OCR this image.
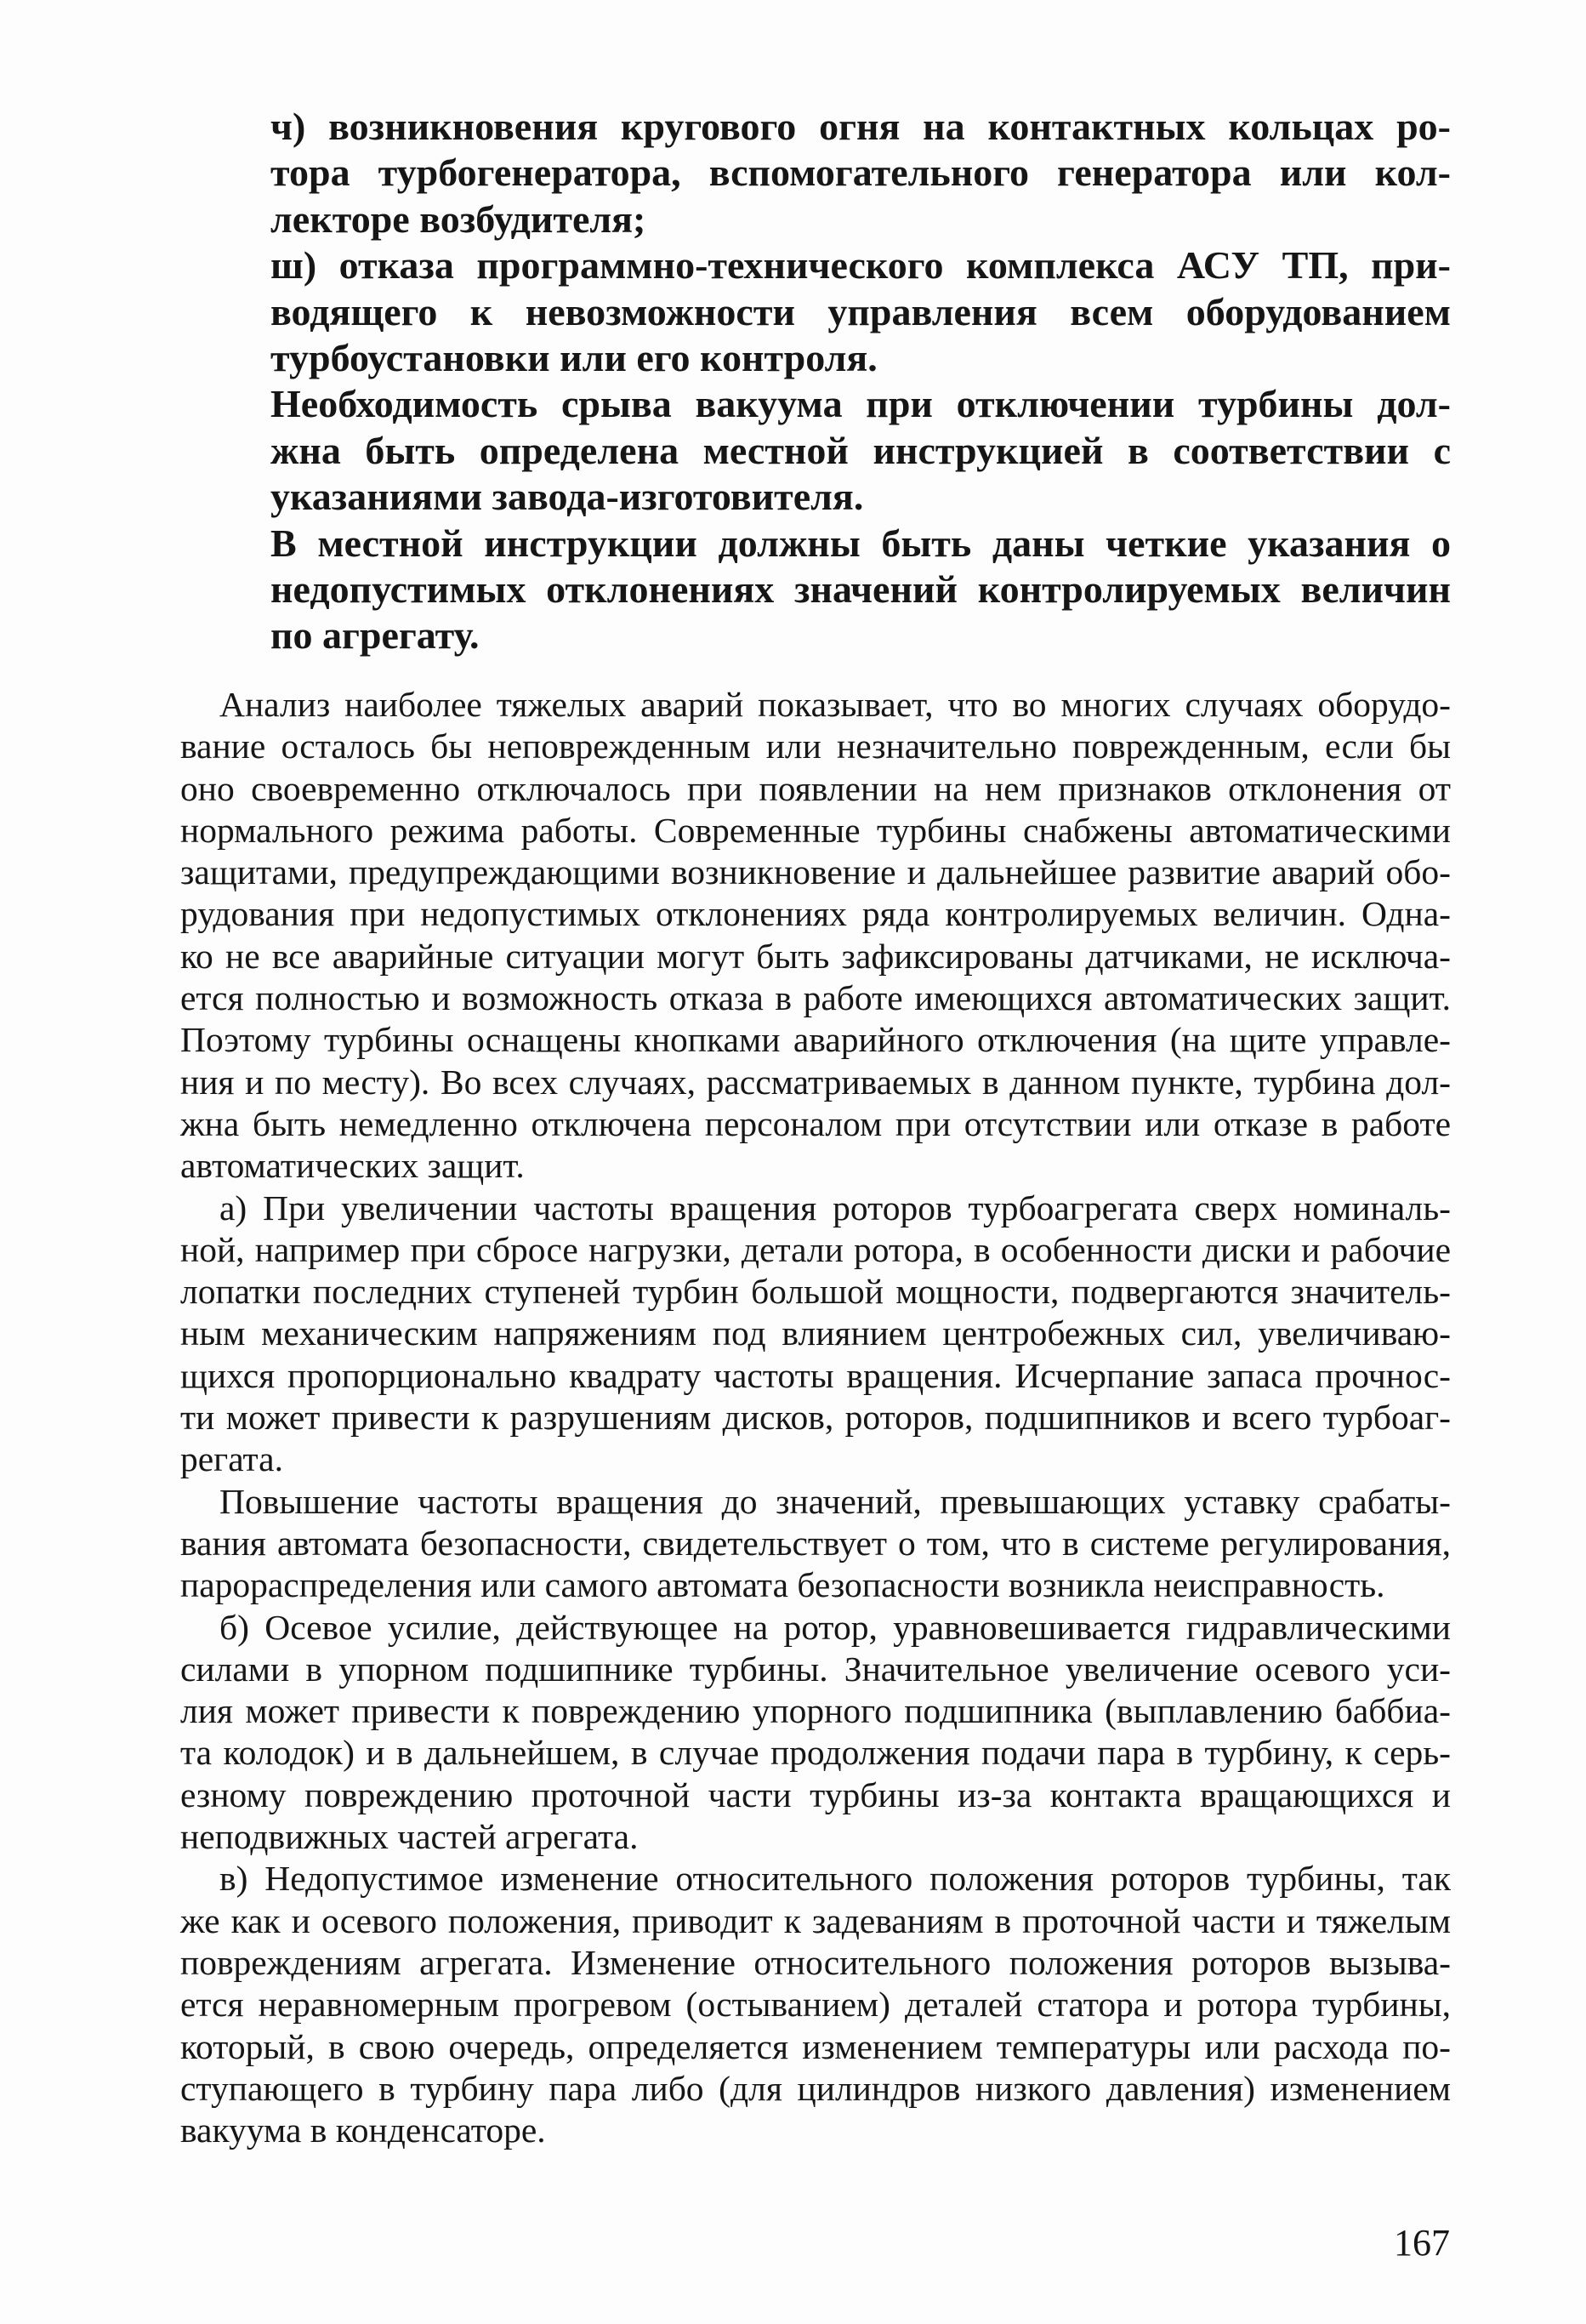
ч) возникновения кругового огня на контактных кольцах ро-
тора турбогенератора, вспомогательного генератора или кол-
лекторе возбудителя;
ш) отказа программно-технического комплекса АСУ ТП, при-
водящего к невозможности управления всем оборудованием
турбоустановки или его контроля.
Необходимость срыва вакуума при отключении турбины дол-
жна быть определена местной инструкцией в соответствии с
указаниями завода-изготовителя.
В местной инструкции должны быть даны четкие указания о
недопустимых отклонениях значений контролируемых величин
по агрегату.
Анализ наиболее тяжелых аварий показывает, что во многих случаях оборудо-
вание осталось бы неповрежденным или незначительно поврежденным, если бы
оно своевременно отключалось при появлении на нем признаков отклонения от
нормального режима работы. Современные турбины снабжены автоматическими
защитами, предупреждающими возникновение и дальнейшее развитие аварий обо-
рудования при недопустимых отклонениях ряда контролируемых величин. Одна-
ко не все аварийные ситуации могут быть зафиксированы датчиками, не исключа-
ется полностью и возможность отказа в работе имеющихся автоматических защит.
Поэтому турбины оснащены кнопками аварийного отключения (на щите управле-
ния и по месту). Во всех случаях, рассматриваемых в данном пункте, турбина дол-
жна быть немедленно отключена персоналом при отсутствии или отказе в работе
автоматических защит.
а) При увеличении частоты вращения роторов турбоагрегата сверх номиналь-
ной, например при сбросе нагрузки, детали ротора, в особенности диски и рабочие
лопатки последних ступеней турбин большой мощности, подвергаются значитель-
ным механическим напряжениям под влиянием центробежных сил, увеличиваю-
щихся пропорционально квадрату частоты вращения. Исчерпание запаса прочнос-
ти может привести к разрушениям дисков, роторов, подшипников и всего турбоаг-
регата.
Повышение частоты вращения до значений, превышающих уставку срабаты-
вания автомата безопасности, свидетельствует о том, что в системе регулирования,
парораспределения или самого автомата безопасности возникла неисправность.
б) Осевое усилие, действующее на ротор, уравновешивается гидравлическими
силами в упорном подшипнике турбины. Значительное увеличение осевого уси-
лия может привести к повреждению упорного подшипника (выплавлению баббиа-
та колодок) и в дальнейшем, в случае продолжения подачи пара в турбину, к серь-
езному повреждению проточной части турбины из-за контакта вращающихся и
неподвижных частей агрегата.
в) Недопустимое изменение относительного положения роторов турбины, так
же как и осевого положения, приводит к задеваниям в проточной части и тяжелым
повреждениям агрегата. Изменение относительного положения роторов вызыва-
ется неравномерным прогревом (остыванием) деталей статора и ротора турбины,
который, в свою очередь, определяется изменением температуры или расхода по-
ступающего в турбину пара либо (для цилиндров низкого давления) изменением
вакуума в конденсаторе.
167
